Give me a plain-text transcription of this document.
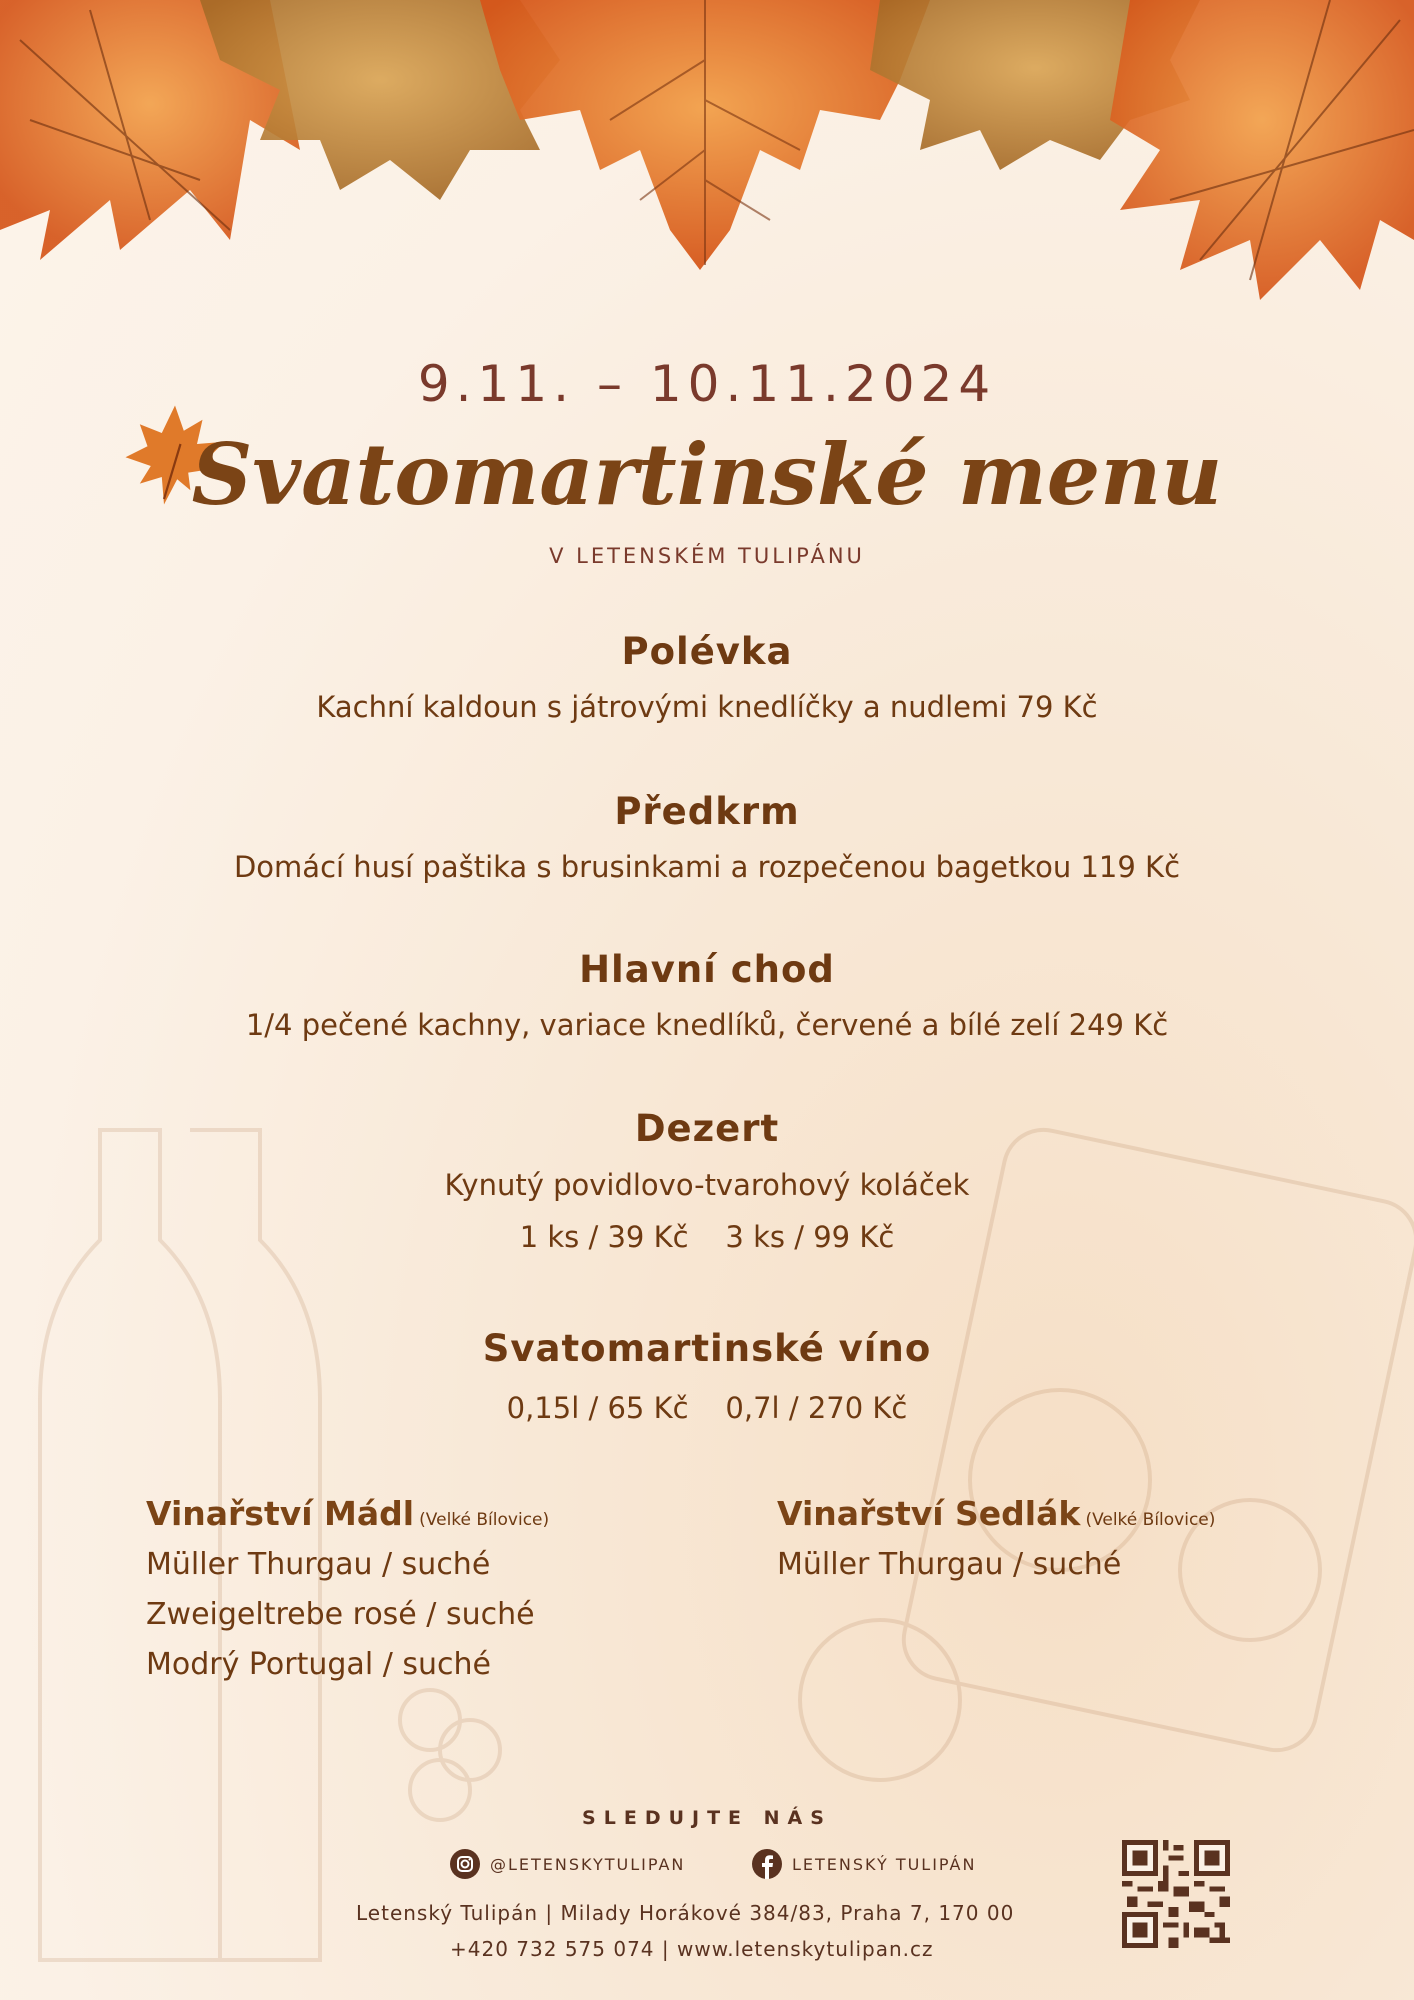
9.11. – 10.11.2024
Svatomartinské menu
V LETENSKÉM TULIPÁNU
Polévka
Kachní kaldoun s játrovými knedlíčky a nudlemi 79 Kč
Předkrm
Domácí husí paštika s brusinkami a rozpečenou bagetkou 119 Kč
Hlavní chod
1/4 pečené kachny, variace knedlíků, červené a bílé zelí 249 Kč
Dezert
Kynutý povidlovo-tvarohový koláček
1 ks / 39 Kč    3 ks / 99 Kč
Svatomartinské víno
0,15l / 65 Kč    0,7l / 270 Kč
Vinařství Mádl (Velké Bílovice)
Müller Thurgau / suché
Zweigeltrebe rosé / suché
Modrý Portugal / suché
Vinařství Sedlák (Velké Bílovice)
Müller Thurgau / suché
SLEDUJTE NÁS
@LETENSKYTULIPAN	LETENSKÝ TULIPÁN
Letenský Tulipán | Milady Horákové 384/83, Praha 7, 170 00
+420 732 575 074 | www.letenskytulipan.cz
